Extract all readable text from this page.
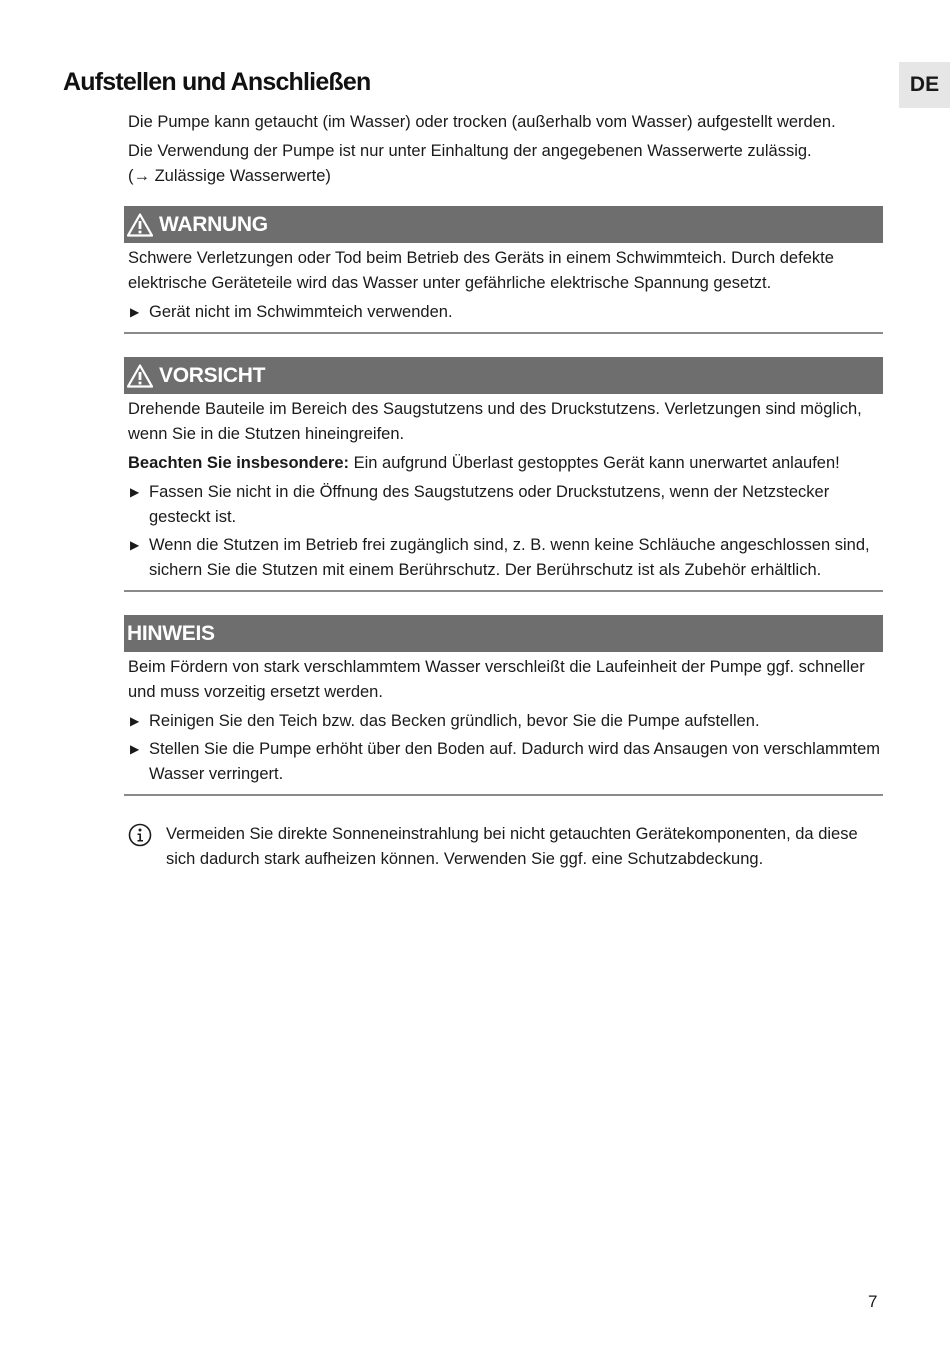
DE
Aufstellen und Anschließen

Die Pumpe kann getaucht (im Wasser) oder trocken (außerhalb vom Wasser) aufgestellt werden.

Die Verwendung der Pumpe ist nur unter Einhaltung der angegebenen Wasserwerte zulässig.
(→ Zulässige Wasserwerte)

WARNUNG

Schwere Verletzungen oder Tod beim Betrieb des Geräts in einem Schwimmteich. Durch defekte elektrische Geräteteile wird das Wasser unter gefährliche elektrische Spannung gesetzt.

▶ Gerät nicht im Schwimmteich verwenden.
VORSICHT

Drehende Bauteile im Bereich des Saugstutzens und des Druckstutzens. Verletzungen sind möglich, wenn Sie in die Stutzen hineingreifen.

Beachten Sie insbesondere: Ein aufgrund Überlast gestopptes Gerät kann unerwartet anlaufen!

▶ Fassen Sie nicht in die Öffnung des Saugstutzens oder Druckstutzens, wenn der Netzstecker gesteckt ist.
▶ Wenn die Stutzen im Betrieb frei zugänglich sind, z. B. wenn keine Schläuche angeschlossen sind, sichern Sie die Stutzen mit einem Berührschutz. Der Berührschutz ist als Zubehör erhältlich.
HINWEIS

Beim Fördern von stark verschlammtem Wasser verschleißt die Laufeinheit der Pumpe ggf. schneller und muss vorzeitig ersetzt werden.

▶ Reinigen Sie den Teich bzw. das Becken gründlich, bevor Sie die Pumpe aufstellen.
▶ Stellen Sie die Pumpe erhöht über den Boden auf. Dadurch wird das Ansaugen von verschlammtem Wasser verringert.

Vermeiden Sie direkte Sonneneinstrahlung bei nicht getauchten Gerätekomponenten, da diese sich dadurch stark aufheizen können. Verwenden Sie ggf. eine Schutzabdeckung.

7
